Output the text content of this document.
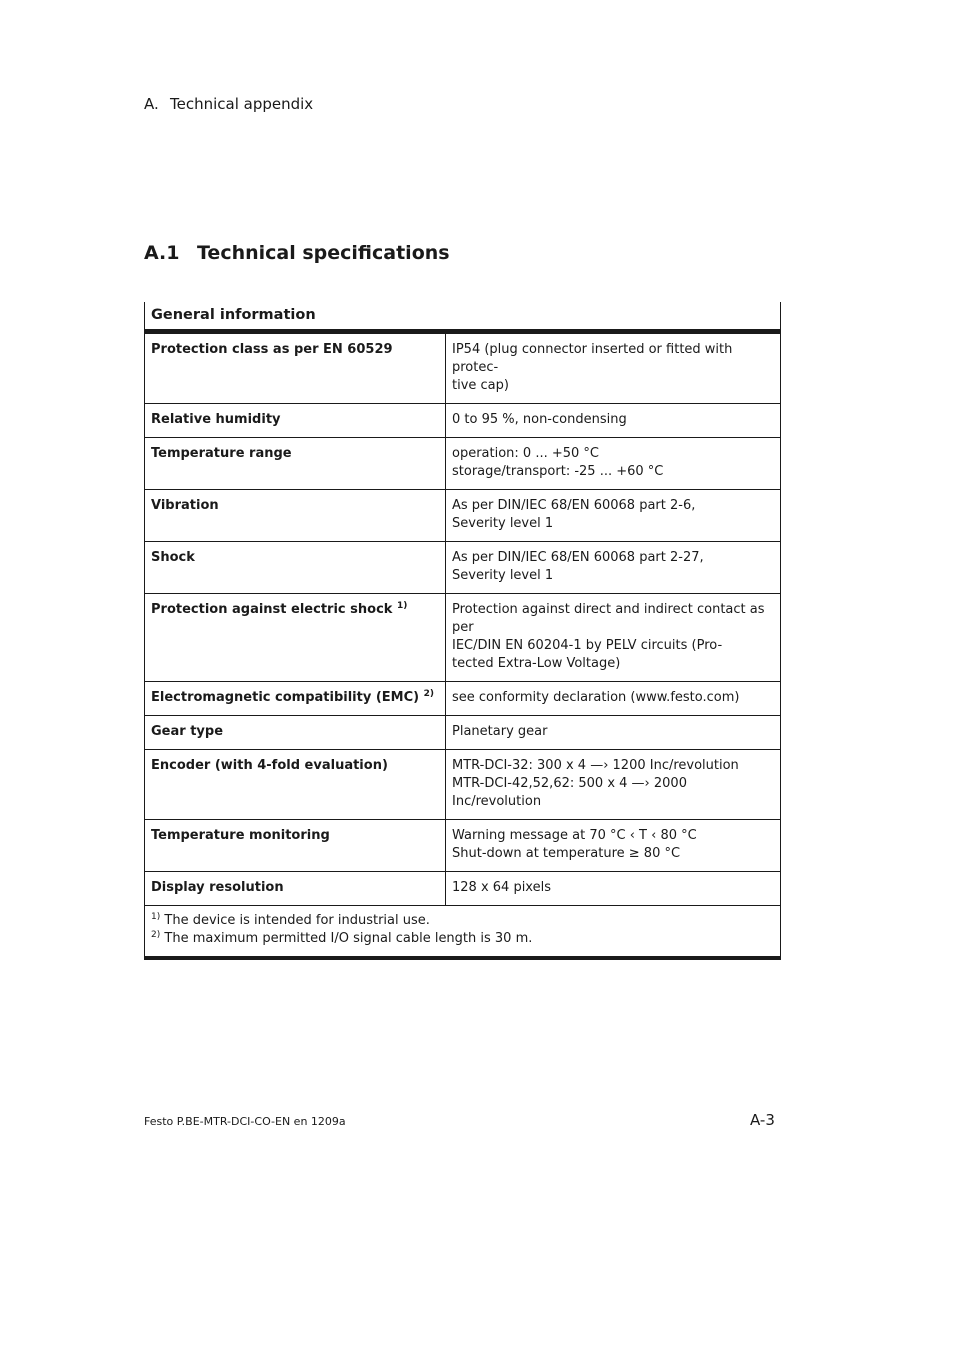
A. Technical appendix
A.1 Technical specifications
General information	
Protection class as per EN 60529	IP54 (plug connector inserted or fitted with protec-
tive cap)
Relative humidity	0 to 95 %, non-condensing
Temperature range	operation: 0 ... +50 °C
storage/transport: -25 ... +60 °C
Vibration	As per DIN/IEC 68/EN 60068 part 2-6,
Severity level 1
Shock	As per DIN/IEC 68/EN 60068 part 2-27,
Severity level 1
Protection against electric shock $^{1)}$	Protection against direct and indirect contact as per
IEC/DIN EN 60204-1 by PELV circuits (Pro-
tected Extra-Low Voltage)
Electromagnetic compatibility (EMC) $^{2)}$	see conformity declaration (www.festo.com)
Gear type	Planetary gear
Encoder (with 4-fold evaluation)	MTR-DCI-32: 300 x 4 —› 1200 Inc/revolution
MTR-DCI-42,52,62: 500 x 4 —› 2000 Inc/revolution
Temperature monitoring	Warning message at 70 °C ‹ T ‹ 80 °C
Shut-down at temperature ≥ 80 °C
Display resolution	128 x 64 pixels
$^{1)}$ The device is intended for industrial use.
$^{2)}$ The maximum permitted I/O signal cable length is 30 m.	
Festo P.BE-MTR-DCI-CO-EN en 1209a	A-3
